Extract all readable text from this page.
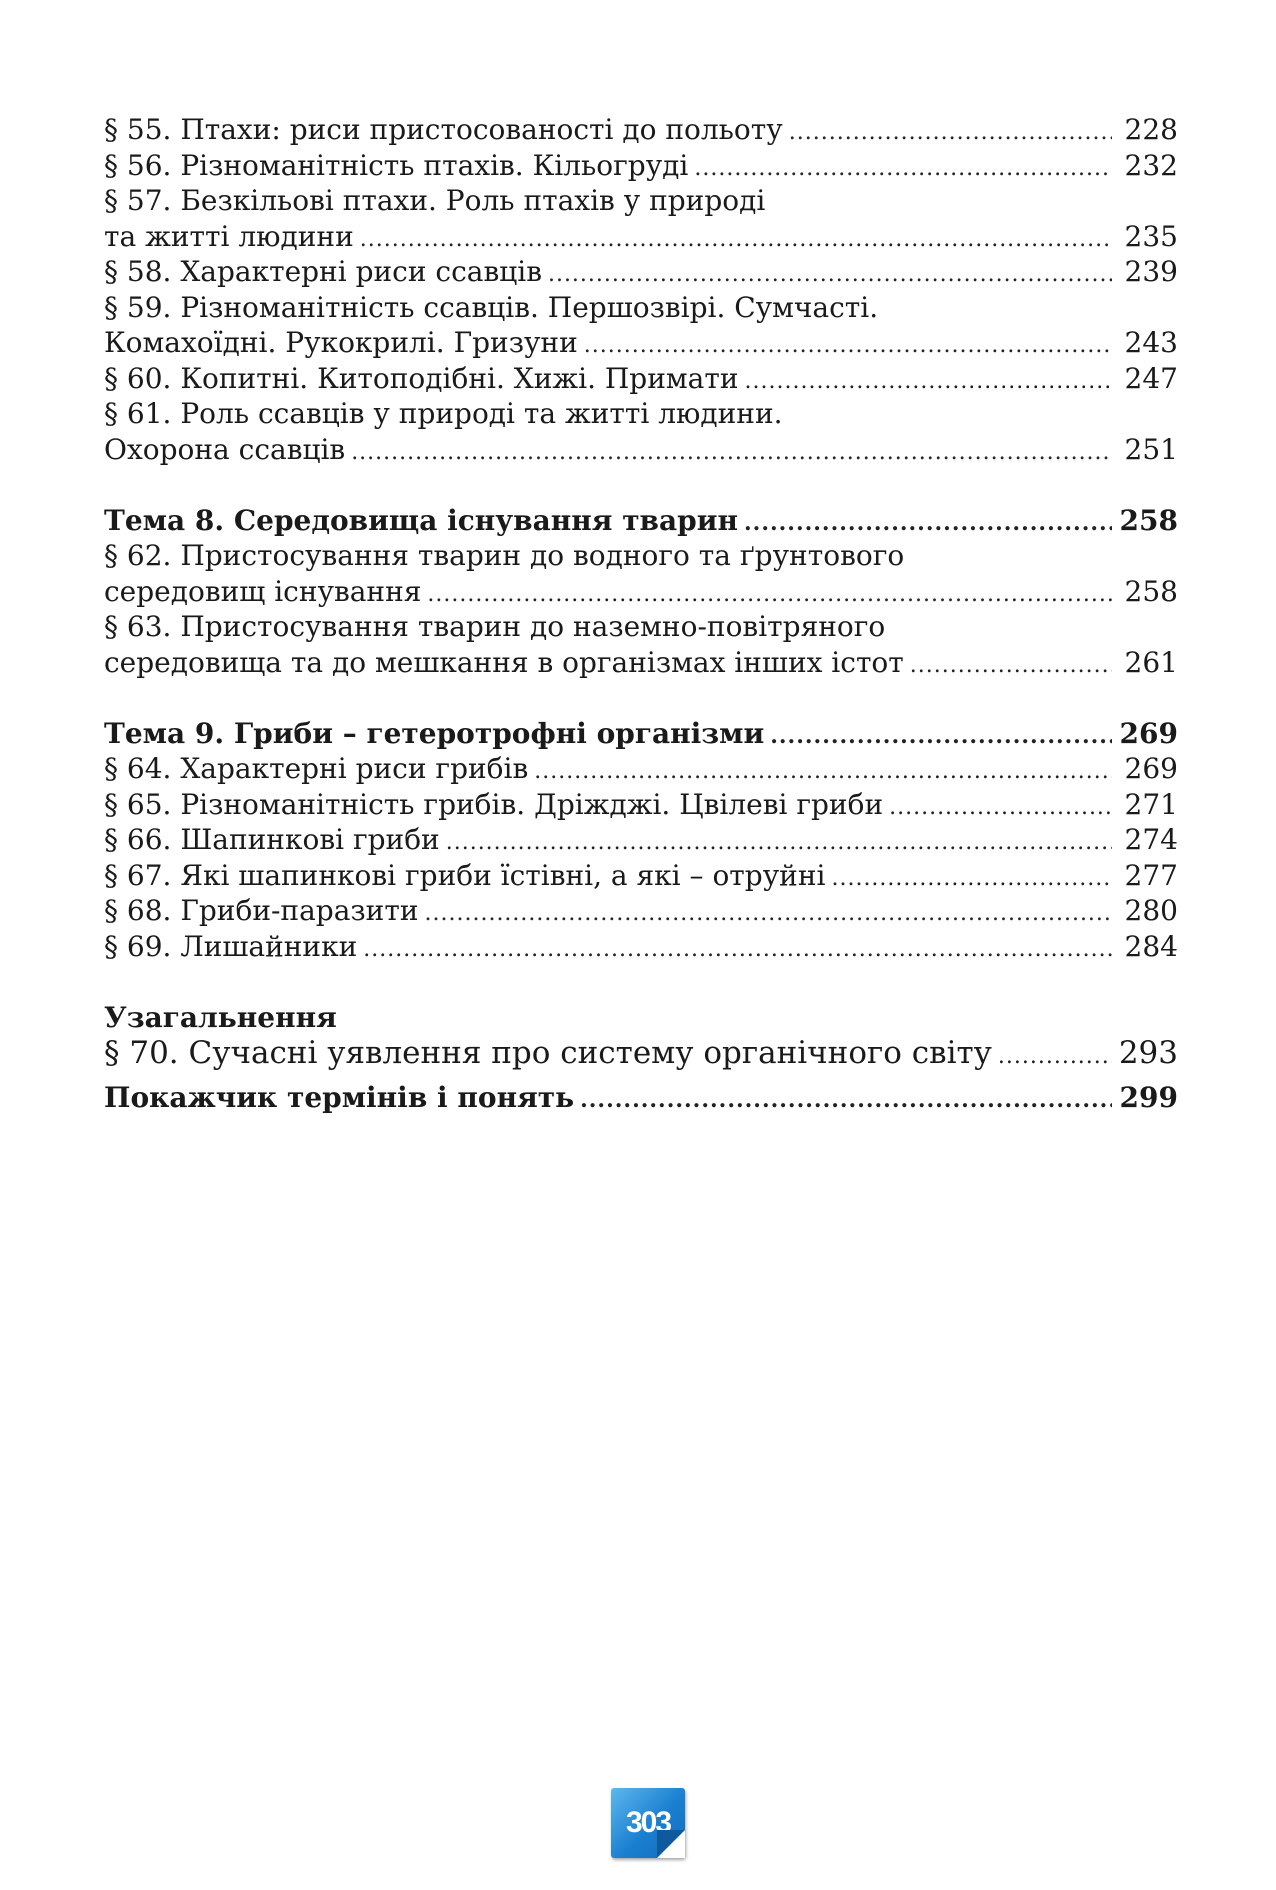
§ 55. Птахи: риси пристосованості до польоту .....	228
§ 56. Різноманітність птахів. Кільогруді .....	232
§ 57. Безкільові птахи. Роль птахів у природі
та житті людини .....	235
§ 58. Характерні риси ссавців .....	239
§ 59. Різноманітність ссавців. Першозвірі. Сумчасті.
Комахоїдні. Рукокрилі. Гризуни .....	243
§ 60. Копитні. Китоподібні. Хижі. Примати .....	247
§ 61. Роль ссавців у природі та житті людини.
Охорона ссавців .....	251
Тема 8. Середовища існування тварин .....	258
§ 62. Пристосування тварин до водного та ґрунтового
середовищ існування .....	258
§ 63. Пристосування тварин до наземно-повітряного
середовища та до мешкання в організмах інших істот .....	261
Тема 9. Гриби – гетеротрофні організми .....	269
§ 64. Характерні риси грибів .....	269
§ 65. Різноманітність грибів. Дріжджі. Цвілеві гриби .....	271
§ 66. Шапинкові гриби .....	274
§ 67. Які шапинкові гриби їстівні, а які – отруйні .....	277
§ 68. Гриби-паразити .....	280
§ 69. Лишайники .....	284
Узагальнення
§ 70. Сучасні уявлення про систему органічного світу .....	293
Покажчик термінів і понять .....	299
303
